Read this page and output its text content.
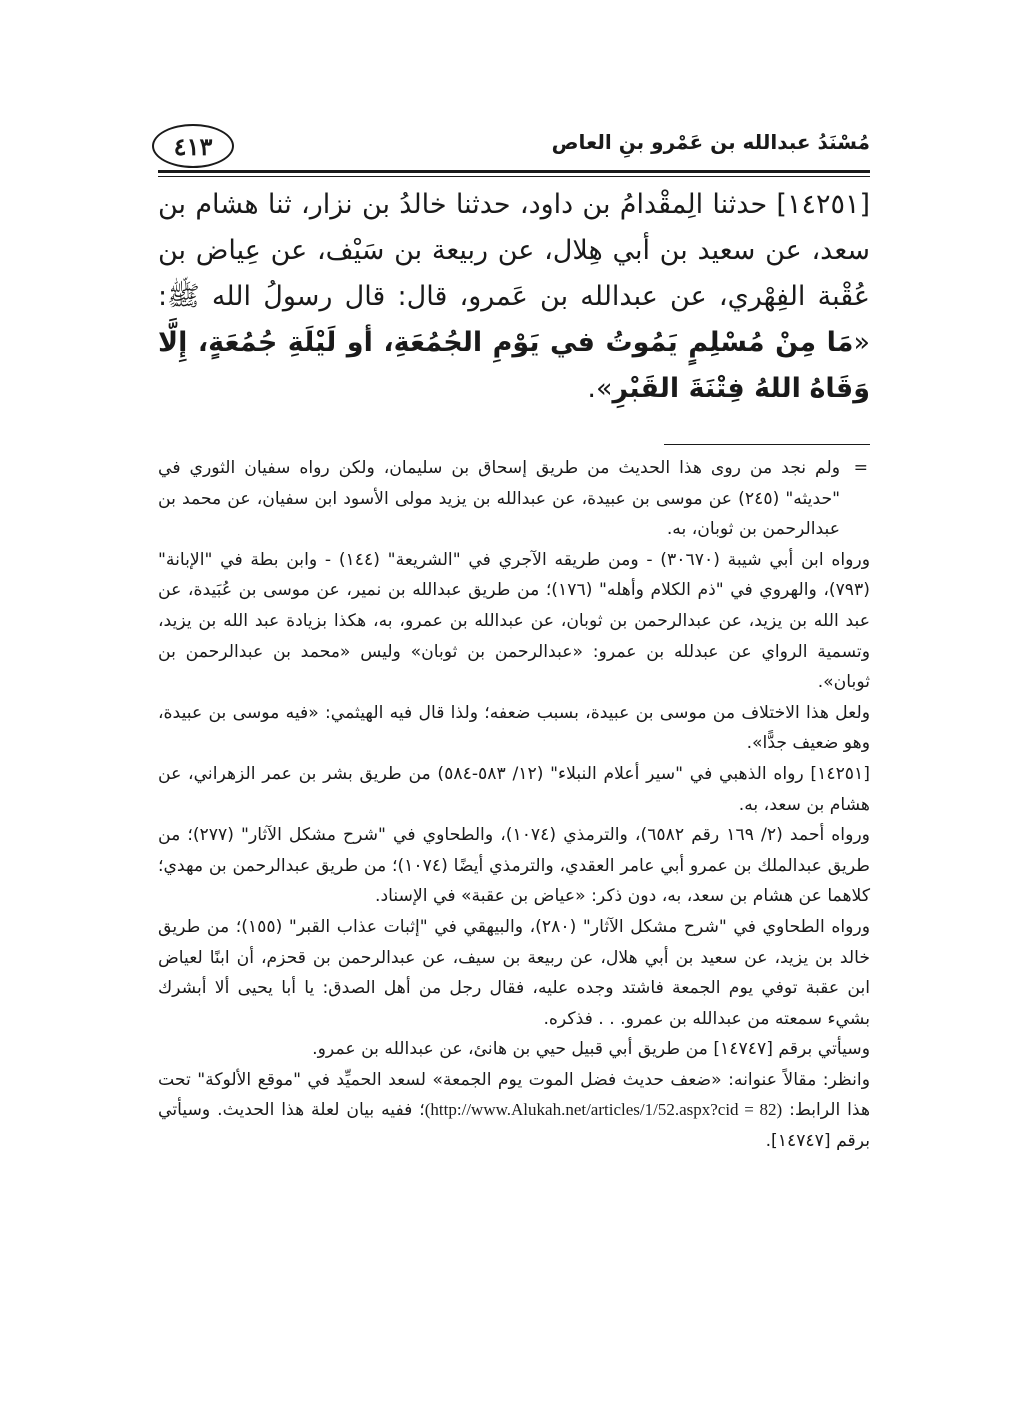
٤١٣	مُسْنَدُ عبدالله بن عَمْرو بنِ العاص
[١٤٢٥١] حدثنا الِمقْدامُ بن داود، حدثنا خالدُ بن نزار، ثنا هشام بن سعد، عن سعيد بن أبي هِلال، عن ربيعة بن سَيْف، عن عِياض بن عُقْبة الفِهْري، عن عبدالله بن عَمرو، قال: قال رسولُ الله ﷺ: «مَا مِنْ مُسْلِمٍ يَمُوتُ في يَوْمِ الجُمُعَةِ، أو لَيْلَةِ جُمُعَةٍ، إِلَّا وَقَاهُ اللهُ فِتْنَةَ القَبْرِ».

=
ولم نجد من روى هذا الحديث من طريق إسحاق بن سليمان، ولكن رواه سفيان الثوري في "حديثه" (٢٤٥) عن موسى بن عبيدة، عن عبدالله بن يزيد مولى الأسود ابن سفيان، عن محمد بن عبدالرحمن بن ثوبان، به.

ورواه ابن أبي شيبة (٣٠٦٧٠) - ومن طريقه الآجري في "الشريعة" (١٤٤) - وابن بطة في "الإبانة" (٧٩٣)، والهروي في "ذم الكلام وأهله" (١٧٦)؛ من طريق عبدالله بن نمير، عن موسى بن عُبَيدة، عن عبد الله بن يزيد، عن عبدالرحمن بن ثوبان، عن عبدالله بن عمرو، به، هكذا بزيادة عبد الله بن يزيد، وتسمية الرواي عن عبدلله بن عمرو: «عبدالرحمن بن ثوبان» وليس «محمد بن عبدالرحمن بن ثوبان».

ولعل هذا الاختلاف من موسى بن عبيدة، بسبب ضعفه؛ ولذا قال فيه الهيثمي: «فيه موسى بن عبيدة، وهو ضعيف جدًّا».

[١٤٢٥١] رواه الذهبي في "سير أعلام النبلاء" (١٢/ ٥٨٣-٥٨٤) من طريق بشر بن عمر الزهراني، عن هشام بن سعد، به.

ورواه أحمد (٢/ ١٦٩ رقم ٦٥٨٢)، والترمذي (١٠٧٤)، والطحاوي في "شرح مشكل الآثار" (٢٧٧)؛ من طريق عبدالملك بن عمرو أبي عامر العقدي، والترمذي أيضًا (١٠٧٤)؛ من طريق عبدالرحمن بن مهدي؛ كلاهما عن هشام بن سعد، به، دون ذكر: «عياض بن عقبة» في الإسناد.

ورواه الطحاوي في "شرح مشكل الآثار" (٢٨٠)، والبيهقي في "إثبات عذاب القبر" (١٥٥)؛ من طريق خالد بن يزيد، عن سعيد بن أبي هلال، عن ربيعة بن سيف، عن عبدالرحمن بن قحزم، أن ابنًا لعياض ابن عقبة توفي يوم الجمعة فاشتد وجده عليه، فقال رجل من أهل الصدق: يا أبا يحيى ألا أبشرك بشيء سمعته من عبدالله بن عمرو. . . فذكره.

وسيأتي برقم [١٤٧٤٧] من طريق أبي قبيل حيي بن هانئ، عن عبدالله بن عمرو.

وانظر: مقالاً عنوانه: «ضعف حديث فضل الموت يوم الجمعة» لسعد الحميِّد في "موقع الألوكة" تحت هذا الرابط: (http://www.Alukah.net/articles/1/52.aspx?cid = 82)؛ ففيه بيان لعلة هذا الحديث. وسيأتي برقم [١٤٧٤٧].
